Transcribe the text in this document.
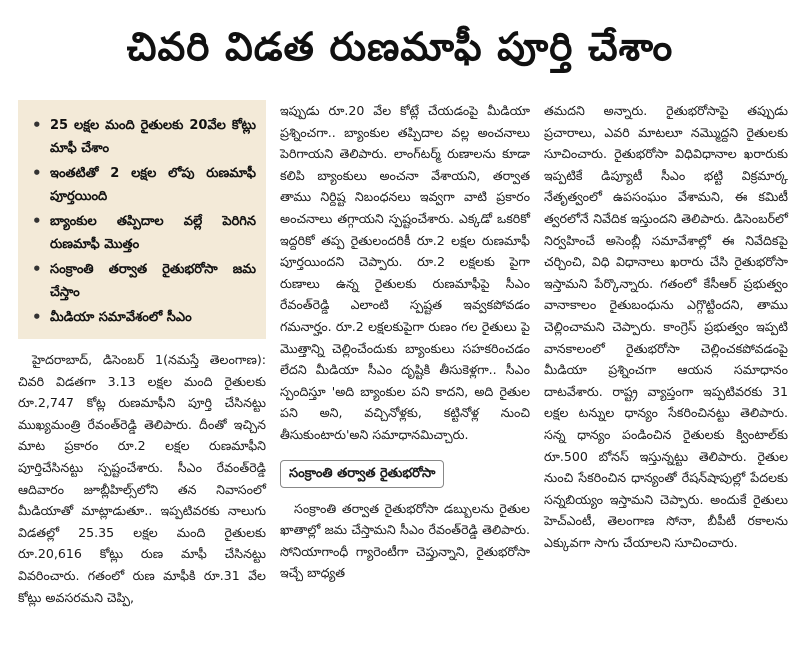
చివరి విడత రుణమాఫీ పూర్తి చేశాం
• 25 లక్షల మంది రైతులకు 20వేల కోట్లు మాఫీ చేశాం
• ఇంతటితో 2 లక్షల లోపు రుణమాఫీ పూర్తయింది
• బ్యాంకుల తప్పిదాల వల్లే పెరిగిన రుణమాఫీ మొత్తం
• సంక్రాంతి తర్వాత రైతుభరోసా జమ చేస్తాం
• మీడియా సమావేశంలో సీఎం

హైదరాబాద్, డిసెంబర్ 1(నమస్తే తెలంగాణ): చివరి విడతగా 3.13 లక్షల మంది రైతులకు రూ.2,747 కోట్ల రుణమాఫీని పూర్తి చేసినట్టు ముఖ్యమంత్రి రేవంత్‌రెడ్డి తెలిపారు. దీంతో ఇచ్చిన మాట ప్రకారం రూ.2 లక్షల రుణమాఫీని పూర్తిచేసినట్టు స్పష్టంచేశారు. సీఎం రేవంత్‌రెడ్డి ఆదివారం జూబ్లీహిల్స్‌లోని తన నివాసంలో మీడియాతో మాట్లాడుతూ.. ఇప్పటివరకు నాలుగు విడతల్లో 25.35 లక్షల మంది రైతులకు రూ.20,616 కోట్లు రుణ మాఫీ చేసినట్టు వివరించారు. గతంలో రుణ మాఫీకి రూ.31 వేల కోట్లు అవసరమని చెప్పి,

ఇప్పుడు రూ.20 వేల కోట్లే చేయడంపై మీడియా ప్రశ్నించగా.. బ్యాంకుల తప్పిదాల వల్ల అంచనాలు పెరిగాయని తెలిపారు. లాంగ్‌టర్మ్ రుణాలను కూడా కలిపి బ్యాంకులు అంచనా వేశాయని, తర్వాత తాము నిర్దిష్ట నిబంధనలు ఇవ్వగా వాటి ప్రకారం అంచనాలు తగ్గాయని స్పష్టంచేశారు. ఎక్కడో ఒకరికో ఇద్దరికో తప్ప రైతులందరికీ రూ.2 లక్షల రుణమాఫీ పూర్తయిందని చెప్పారు. రూ.2 లక్షలకు పైగా రుణాలు ఉన్న రైతులకు రుణమాఫీపై సీఎం రేవంత్‌రెడ్డి ఎలాంటి స్పష్టత ఇవ్వకపోవడం గమనార్హం. రూ.2 లక్షలకుపైగా రుణం గల రైతులు పై మొత్తాన్ని చెల్లించేందుకు బ్యాంకులు సహకరించడం లేదని మీడియా సీఎం దృష్టికి తీసుకెళ్లగా.. సీఎం స్పందిస్తూ 'అది బ్యాంకుల పని కాదని, అది రైతుల పని అని, వచ్చినోళ్లకు, కట్టినోళ్ల నుంచి తీసుకుంటారు'అని సమాధానమిచ్చారు.

సంక్రాంతి తర్వాత రైతుభరోసా

సంక్రాంతి తర్వాత రైతుభరోసా డబ్బులను రైతుల ఖాతాల్లో జమ చేస్తామని సీఎం రేవంత్‌రెడ్డి తెలిపారు. సోనియాగాంధీ గ్యారెంటీగా చెప్తున్నాని, రైతుభరోసా ఇచ్చే బాధ్యత

తమదని అన్నారు. రైతుభరోసాపై తప్పుడు ప్రచారాలు, ఎవరి మాటలూ నమ్మొద్దని రైతులకు సూచించారు. రైతుభరోసా విధివిధానాల ఖరారుకు ఇప్పటికే డిప్యూటీ సీఎం భట్టి విక్రమార్క నేతృత్వంలో ఉపసంఘం వేశామని, ఈ కమిటీ త్వరలోనే నివేదిక ఇస్తుందని తెలిపారు. డిసెంబర్‌లో నిర్వహించే అసెంబ్లీ సమావేశాల్లో ఈ నివేదికపై చర్చించి, విధి విధానాలు ఖరారు చేసి రైతుభరోసా ఇస్తామని పేర్కొన్నారు. గతంలో కేసీఆర్ ప్రభుత్వం వానాకాలం రైతుబంధును ఎగ్గొట్టిందని, తాము చెల్లించామని చెప్పారు. కాంగ్రెస్ ప్రభుత్వం ఇప్పటి వానకాలంలో రైతుభరోసా చెల్లించకపోవడంపై మీడియా ప్రశ్నించగా ఆయన సమాధానం దాటవేశారు. రాష్ట్ర వ్యాప్తంగా ఇప్పటివరకు 31 లక్షల టన్నుల ధాన్యం సేకరించినట్టు తెలిపారు. సన్న ధాన్యం పండించిన రైతులకు క్వింటాల్‌కు రూ.500 బోనస్ ఇస్తున్నట్టు తెలిపారు. రైతుల నుంచి సేకరించిన ధాన్యంతో రేషన్‌షాపుల్లో పేదలకు సన్నబియ్యం ఇస్తామని చెప్పారు. అందుకే రైతులు హెచ్‌ఎంటీ, తెలంగాణ సోనా, బీపీటీ రకాలను ఎక్కువగా సాగు చేయాలని సూచించారు.
